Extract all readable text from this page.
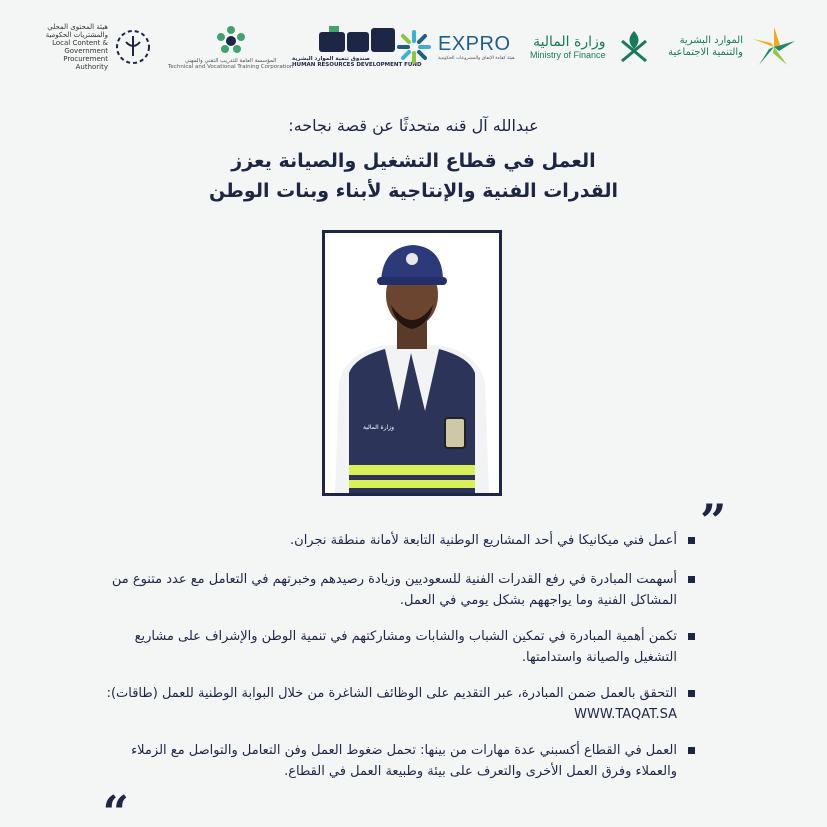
هيئة المحتوى المحلي والمشتريات الحكومية
Local Content & Government Procurement Authority
المؤسسة العامة للتدريب التقني والمهني
Technical and Vocational Training Corporation
صندوق تنمية الموارد البشرية
HUMAN RESOURCES DEVELOPMENT FUND
EXPRO
هيئة كفاءة الإنفاق والمشروعات الحكومية
وزارة المالية
Ministry of Finance
الموارد البشرية والتنمية الاجتماعية
عبدالله آل قنه متحدثًا عن قصة نجاحه:
العمل في قطاع التشغيل والصيانة يعزز القدرات الفنية والإنتاجية لأبناء وبنات الوطن
وزارة المالية
”
أعمل فني ميكانيكا في أحد المشاريع الوطنية التابعة لأمانة منطقة نجران.
أسهمت المبادرة في رفع القدرات الفنية للسعوديين وزيادة رصيدهم وخبرتهم في التعامل مع عدد متنوع من المشاكل الفنية وما يواجههم بشكل يومي في العمل.
تكمن أهمية المبادرة في تمكين الشباب والشابات ومشاركتهم في تنمية الوطن والإشراف على مشاريع التشغيل والصيانة واستدامتها.
التحقق بالعمل ضمن المبادرة، عبر التقديم على الوظائف الشاغرة من خلال البوابة الوطنية للعمل (طاقات): WWW.TAQAT.SA
العمل في القطاع أكسبني عدة مهارات من بينها: تحمل ضغوط العمل وفن التعامل والتواصل مع الزملاء والعملاء وفرق العمل الأخرى والتعرف على بيئة وطبيعة العمل في القطاع.
”
